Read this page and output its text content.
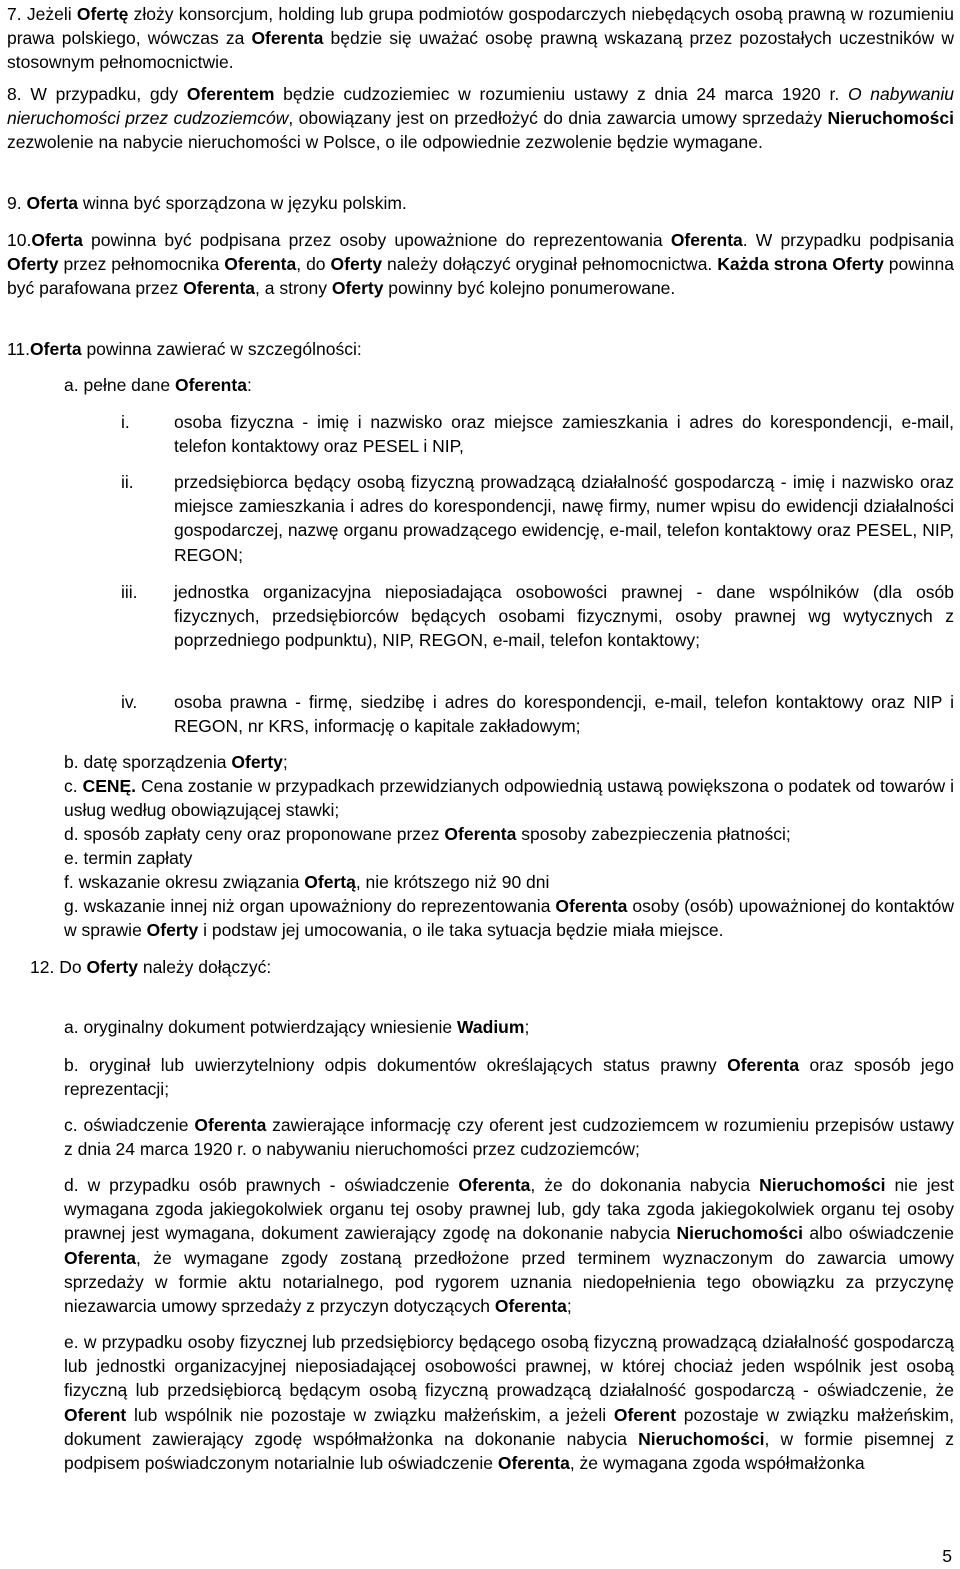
7. Jeżeli Ofertę złoży konsorcjum, holding lub grupa podmiotów gospodarczych niebędących osobą prawną w rozumieniu prawa polskiego, wówczas za Oferenta będzie się uważać osobę prawną wskazaną przez pozostałych uczestników w stosownym pełnomocnictwie.

8. W przypadku, gdy Oferentem będzie cudzoziemiec w rozumieniu ustawy z dnia 24 marca 1920 r. O nabywaniu nieruchomości przez cudzoziemców, obowiązany jest on przedłożyć do dnia zawarcia umowy sprzedaży Nieruchomości zezwolenie na nabycie nieruchomości w Polsce, o ile odpowiednie zezwolenie będzie wymagane.

9. Oferta winna być sporządzona w języku polskim.

10.Oferta powinna być podpisana przez osoby upoważnione do reprezentowania Oferenta. W przypadku podpisania Oferty przez pełnomocnika Oferenta, do Oferty należy dołączyć oryginał pełnomocnictwa. Każda strona Oferty powinna być parafowana przez Oferenta, a strony Oferty powinny być kolejno ponumerowane.

11.Oferta powinna zawierać w szczególności:

a. pełne dane Oferenta:

i.	osoba fizyczna - imię i nazwisko oraz miejsce zamieszkania i adres do korespondencji, e-mail, telefon kontaktowy oraz PESEL i NIP,
ii.	przedsiębiorca będący osobą fizyczną prowadzącą działalność gospodarczą - imię i nazwisko oraz miejsce zamieszkania i adres do korespondencji, nawę firmy, numer wpisu do ewidencji działalności gospodarczej, nazwę organu prowadzącego ewidencję, e-mail, telefon kontaktowy oraz PESEL, NIP, REGON;
iii.	jednostka organizacyjna nieposiadająca osobowości prawnej - dane wspólników (dla osób fizycznych, przedsiębiorców będących osobami fizycznymi, osoby prawnej wg wytycznych z poprzedniego podpunktu), NIP, REGON, e-mail, telefon kontaktowy;
iv.	osoba prawna - firmę, siedzibę i adres do korespondencji, e-mail, telefon kontaktowy oraz NIP i REGON, nr KRS, informację o kapitale zakładowym;

b. datę sporządzenia Oferty;

c. CENĘ. Cena zostanie w przypadkach przewidzianych odpowiednią ustawą powiększona o podatek od towarów i usług według obowiązującej stawki;

d. sposób zapłaty ceny oraz proponowane przez Oferenta sposoby zabezpieczenia płatności;

e. termin zapłaty

f. wskazanie okresu związania Ofertą, nie krótszego niż 90 dni

g. wskazanie innej niż organ upoważniony do reprezentowania Oferenta osoby (osób) upoważnionej do kontaktów w sprawie Oferty i podstaw jej umocowania, o ile taka sytuacja będzie miała miejsce.

12. Do Oferty należy dołączyć:

a. oryginalny dokument potwierdzający wniesienie Wadium;

b. oryginał lub uwierzytelniony odpis dokumentów określających status prawny Oferenta oraz sposób jego reprezentacji;

c. oświadczenie Oferenta zawierające informację czy oferent jest cudzoziemcem w rozumieniu przepisów ustawy z dnia 24 marca 1920 r. o nabywaniu nieruchomości przez cudzoziemców;

d. w przypadku osób prawnych - oświadczenie Oferenta, że do dokonania nabycia Nieruchomości nie jest wymagana zgoda jakiegokolwiek organu tej osoby prawnej lub, gdy taka zgoda jakiegokolwiek organu tej osoby prawnej jest wymagana, dokument zawierający zgodę na dokonanie nabycia Nieruchomości albo oświadczenie Oferenta, że wymagane zgody zostaną przedłożone przed terminem wyznaczonym do zawarcia umowy sprzedaży w formie aktu notarialnego, pod rygorem uznania niedopełnienia tego obowiązku za przyczynę niezawarcia umowy sprzedaży z przyczyn dotyczących Oferenta;

e. w przypadku osoby fizycznej lub przedsiębiorcy będącego osobą fizyczną prowadzącą działalność gospodarczą lub jednostki organizacyjnej nieposiadającej osobowości prawnej, w której chociaż jeden wspólnik jest osobą fizyczną lub przedsiębiorcą będącym osobą fizyczną prowadzącą działalność gospodarczą - oświadczenie, że Oferent lub wspólnik nie pozostaje w związku małżeńskim, a jeżeli Oferent pozostaje w związku małżeńskim, dokument zawierający zgodę współmałżonka na dokonanie nabycia Nieruchomości, w formie pisemnej z podpisem poświadczonym notarialnie lub oświadczenie Oferenta, że wymagana zgoda współmałżonka

5
